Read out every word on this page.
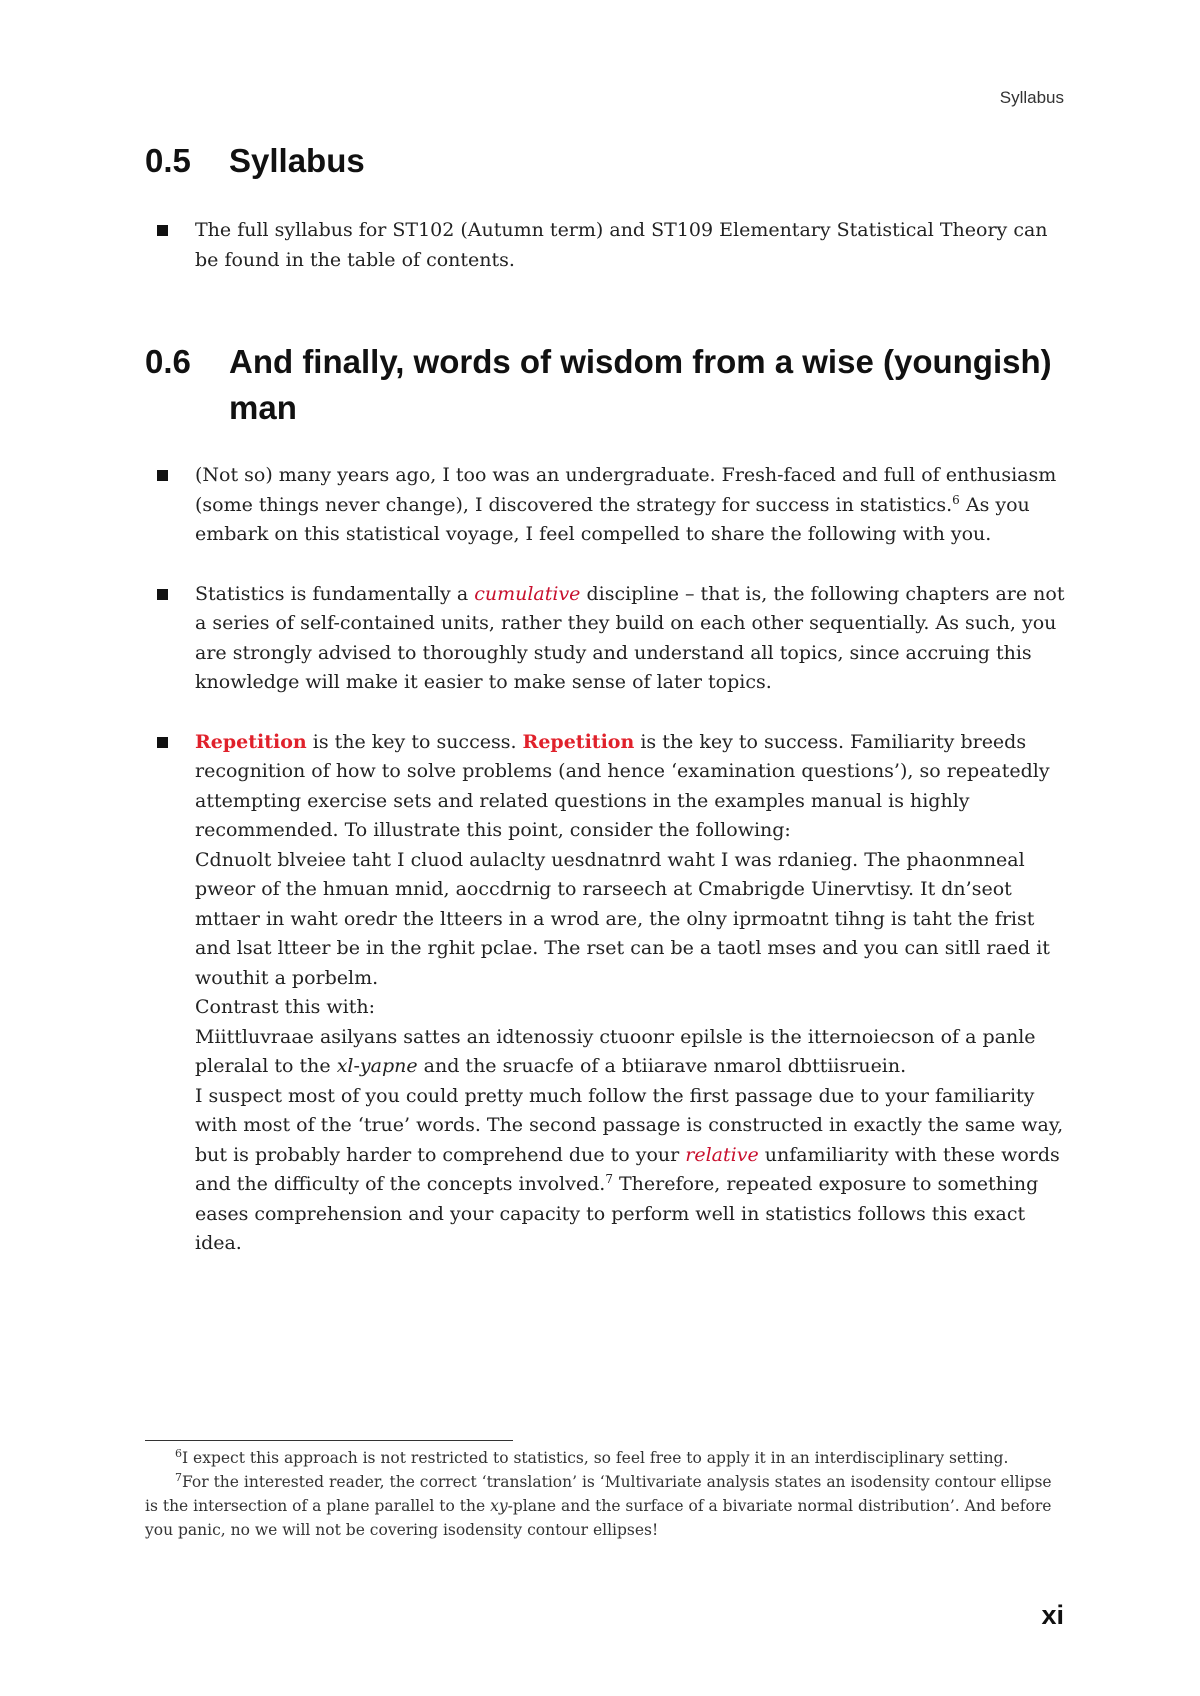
Syllabus
0.5	Syllabus
The full syllabus for ST102 (Autumn term) and ST109 Elementary Statistical Theory can be found in the table of contents.
0.6	And finally, words of wisdom from a wise (youngish) man
(Not so) many years ago, I too was an undergraduate. Fresh-faced and full of enthusiasm (some things never change), I discovered the strategy for success in statistics.$^6$ As you embark on this statistical voyage, I feel compelled to share the following with you.
Statistics is fundamentally a cumulative discipline – that is, the following chapters are not a series of self-contained units, rather they build on each other sequentially. As such, you are strongly advised to thoroughly study and understand all topics, since accruing this knowledge will make it easier to make sense of later topics.

Repetition is the key to success. Repetition is the key to success. Familiarity breeds recognition of how to solve problems (and hence ‘examination questions’), so repeatedly attempting exercise sets and related questions in the examples manual is highly recommended. To illustrate this point, consider the following:

Cdnuolt blveiee taht I cluod aulaclty uesdnatnrd waht I was rdanieg. The phaonmneal pweor of the hmuan mnid, aoccdrnig to rarseech at Cmabrigde Uinervtisy. It dn’seot mttaer in waht oredr the ltteers in a wrod are, the olny iprmoatnt tihng is taht the frist and lsat ltteer be in the rghit pclae. The rset can be a taotl mses and you can sitll raed it wouthit a porbelm.

Contrast this with:

Miittluvraae asilyans sattes an idtenossiy ctuoonr epilsle is the itternoiecson of a panle pleralal to the xl-yapne and the sruacfe of a btiiarave nmarol dbttiisruein.

I suspect most of you could pretty much follow the first passage due to your familiarity with most of the ‘true’ words. The second passage is constructed in exactly the same way, but is probably harder to comprehend due to your relative unfamiliarity with these words and the difficulty of the concepts involved.$^7$ Therefore, repeated exposure to something eases comprehension and your capacity to perform well in statistics follows this exact idea.

$^6$I expect this approach is not restricted to statistics, so feel free to apply it in an interdisciplinary setting.

$^7$For the interested reader, the correct ‘translation’ is ‘Multivariate analysis states an isodensity contour ellipse is the intersection of a plane parallel to the xy-plane and the surface of a bivariate normal distribution’. And before you panic, no we will not be covering isodensity contour ellipses!

xi
